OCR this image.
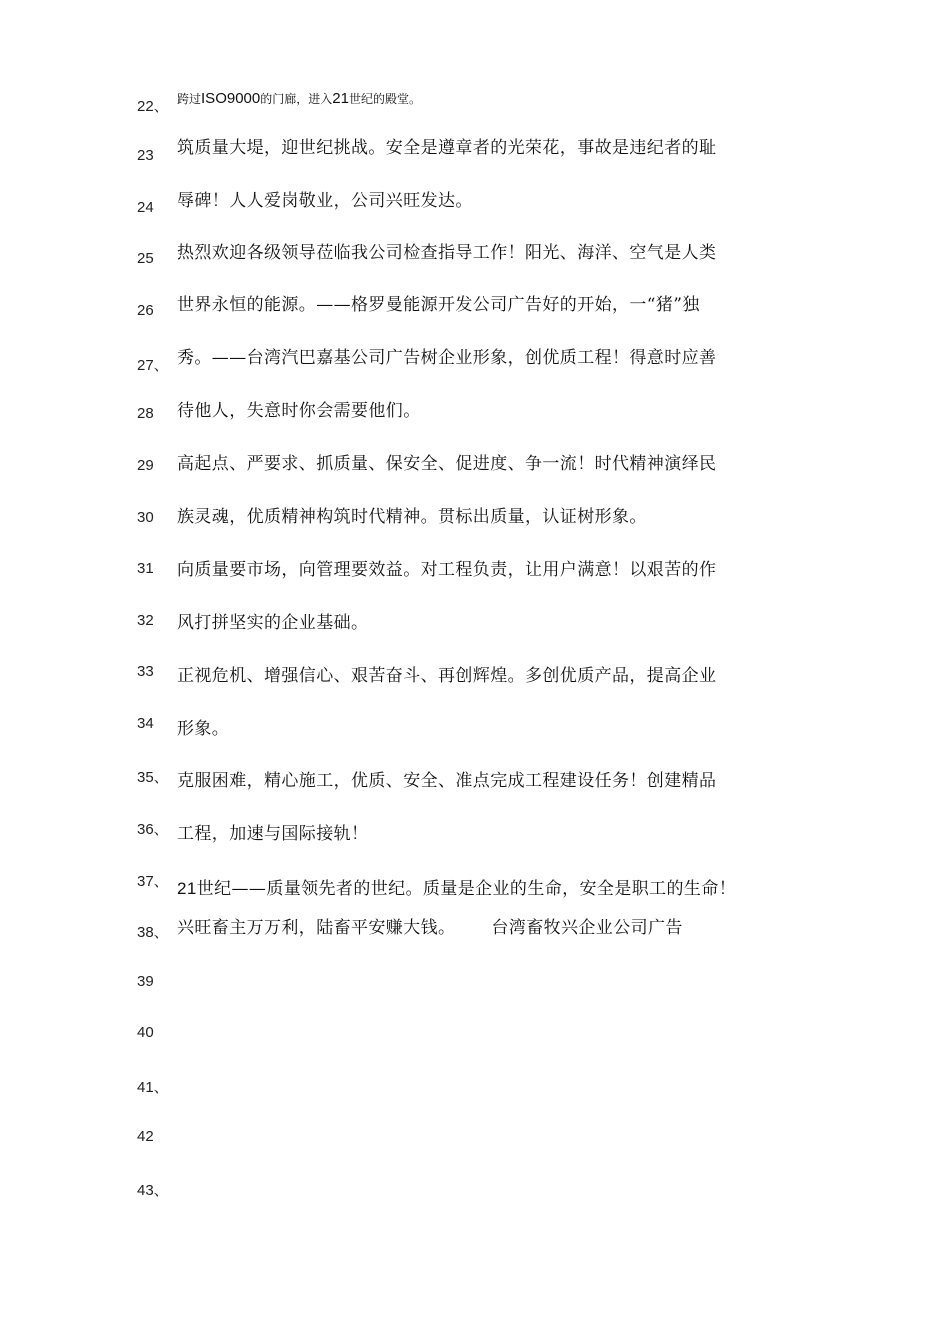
22、 跨过ISO9000的门廊，进入21世纪的殿堂。
23 筑质量大堤，迎世纪挑战。安全是遵章者的光荣花，事故是违纪者的耻
24 辱碑！人人爱岗敬业，公司兴旺发达。
25 热烈欢迎各级领导莅临我公司检查指导工作！阳光、海洋、空气是人类
26 世界永恒的能源。——格罗曼能源开发公司广告好的开始，一“猪”独
27、 秀。——台湾汽巴嘉基公司广告树企业形象，创优质工程！得意时应善
28 待他人，失意时你会需要他们。
29 高起点、严要求、抓质量、保安全、促进度、争一流！时代精神演绎民
30 族灵魂，优质精神构筑时代精神。贯标出质量，认证树形象。
31 向质量要市场，向管理要效益。对工程负责，让用户满意！以艰苦的作
32 风打拼坚实的企业基础。
33 正视危机、增强信心、艰苦奋斗、再创辉煌。多创优质产品，提高企业
34 形象。
35、 克服困难，精心施工，优质、安全、准点完成工程建设任务！创建精品
36、 工程，加速与国际接轨！
37、 21世纪——质量领先者的世纪。质量是企业的生命，安全是职工的生命！
38、 兴旺畜主万万利，陆畜平安赚大钱。 台湾畜牧兴企业公司广告
39
40
41、
42
43、
